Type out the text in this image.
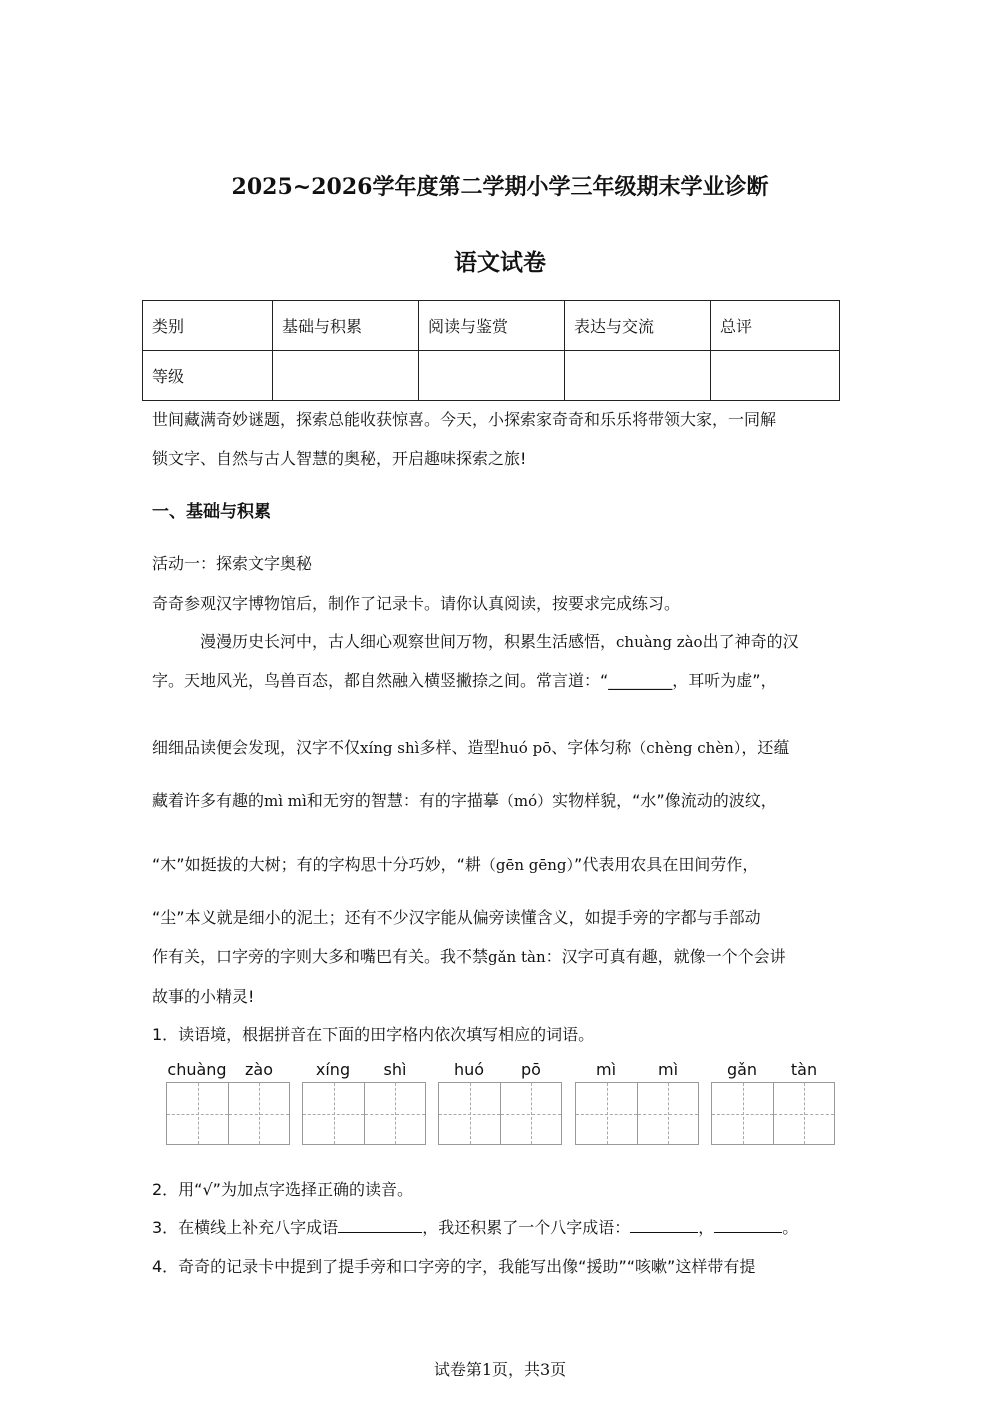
2025~2026学年度第二学期小学三年级期末学业诊断
语文试卷
类别	基础与积累	阅读与鉴赏	表达与交流	总评
等级				
世间藏满奇妙谜题，探索总能收获惊喜。今天，小探索家奇奇和乐乐将带领大家，一同解
锁文字、自然与古人智慧的奥秘，开启趣味探索之旅!
一、基础与积累
活动一：探索文字奥秘
奇奇参观汉字博物馆后，制作了记录卡。请你认真阅读，按要求完成练习。
漫漫历史长河中，古人细心观察世间万物，积累生活感悟，chuàng zào出了神奇的汉
字。天地风光，鸟兽百态，都自然融入横竖撇捺之间。常言道：“________，耳听为虚”，
细细品读便会发现，汉字不仅xíng shì多样、造型huó pō、字体匀称（chèng chèn），还蕴
藏着许多有趣的mì mì和无穷的智慧：有的字描摹（mó）实物样貌，“水”像流动的波纹，
“木”如挺拔的大树；有的字构思十分巧妙，“耕（gēn gēng）”代表用农具在田间劳作，
“尘”本义就是细小的泥土；还有不少汉字能从偏旁读懂含义，如提手旁的字都与手部动
作有关，口字旁的字则大多和嘴巴有关。我不禁gǎn tàn：汉字可真有趣，就像一个个会讲
故事的小精灵!
1．读语境，根据拼音在下面的田字格内依次填写相应的词语。
chuàng	zào	xíng	shì	huó	pō	mì	mì	gǎn	tàn
2．用“√”为加点字选择正确的读音。
3．在横线上补充八字成语	，我还积累了一个八字成语：	，	。
4．奇奇的记录卡中提到了提手旁和口字旁的字，我能写出像“援助”“咳嗽”这样带有提
试卷第1页，共3页
